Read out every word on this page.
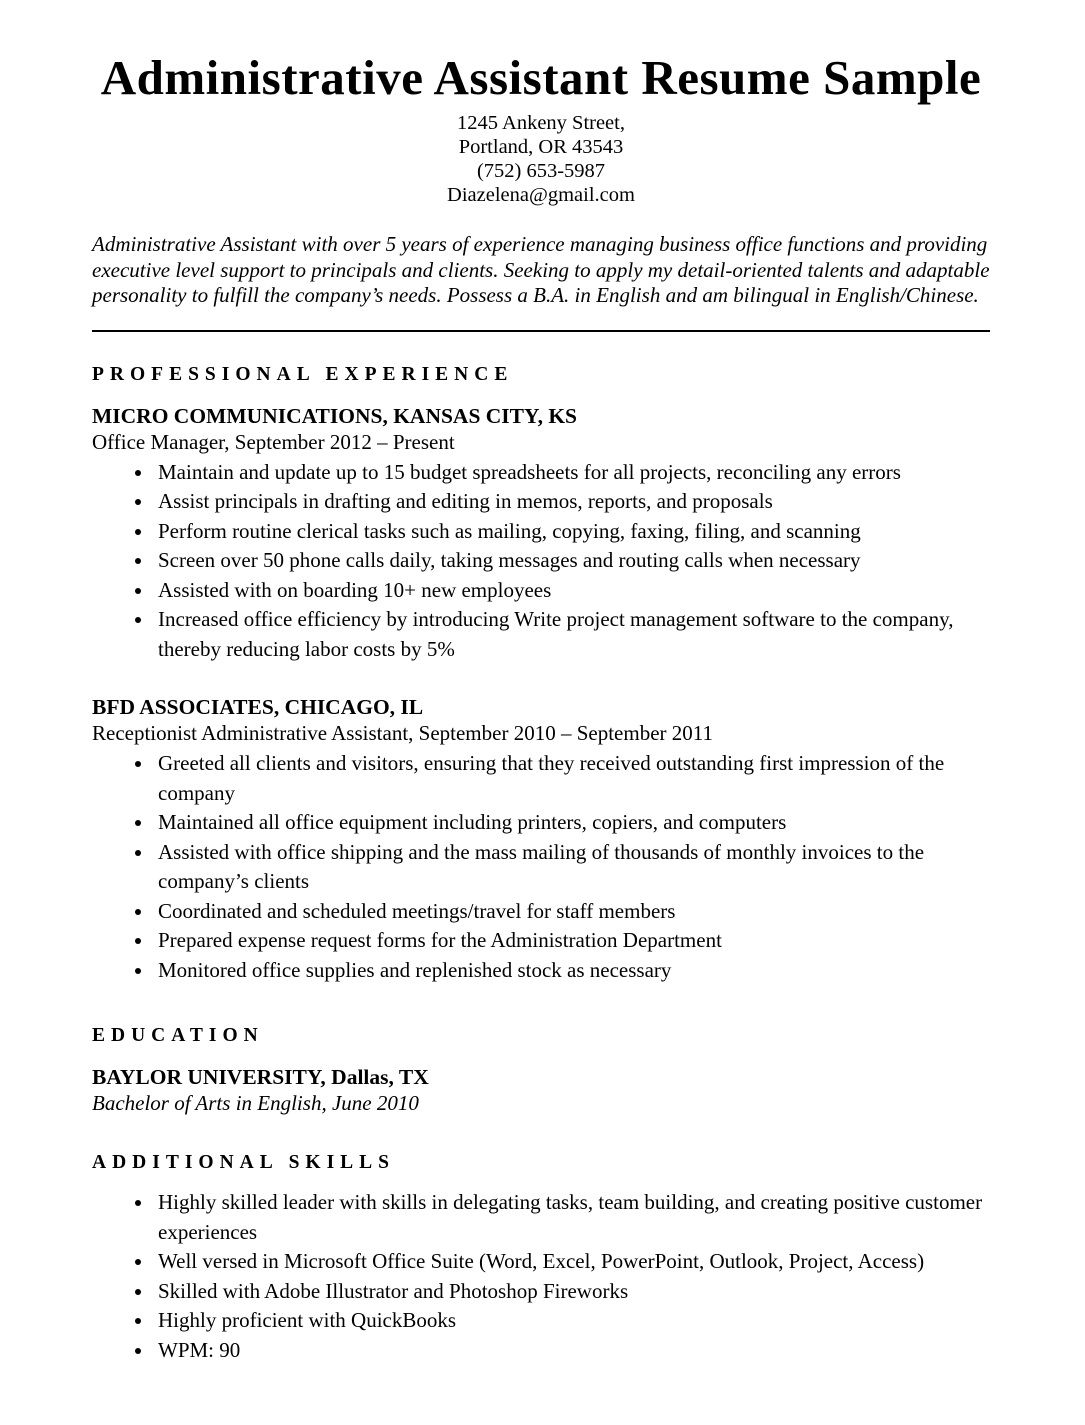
Administrative Assistant Resume Sample
1245 Ankeny Street,
Portland, OR 43543
(752) 653-5987
Diazelena@gmail.com

Administrative Assistant with over 5 years of experience managing business office functions and providing executive level support to principals and clients. Seeking to apply my detail-oriented talents and adaptable personality to fulfill the company’s needs. Possess a B.A. in English and am bilingual in English/Chinese.

PROFESSIONAL EXPERIENCE
MICRO COMMUNICATIONS, KANSAS CITY, KS
Office Manager, September 2012 – Present
• Maintain and update up to 15 budget spreadsheets for all projects, reconciling any errors
• Assist principals in drafting and editing in memos, reports, and proposals
• Perform routine clerical tasks such as mailing, copying, faxing, filing, and scanning
• Screen over 50 phone calls daily, taking messages and routing calls when necessary
• Assisted with on boarding 10+ new employees
• Increased office efficiency by introducing Write project management software to the company, thereby reducing labor costs by 5%
BFD ASSOCIATES, CHICAGO, IL
Receptionist Administrative Assistant, September 2010 – September 2011
• Greeted all clients and visitors, ensuring that they received outstanding first impression of the company
• Maintained all office equipment including printers, copiers, and computers
• Assisted with office shipping and the mass mailing of thousands of monthly invoices to the company’s clients
• Coordinated and scheduled meetings/travel for staff members
• Prepared expense request forms for the Administration Department
• Monitored office supplies and replenished stock as necessary
EDUCATION
BAYLOR UNIVERSITY, Dallas, TX
Bachelor of Arts in English, June 2010
ADDITIONAL SKILLS
• Highly skilled leader with skills in delegating tasks, team building, and creating positive customer experiences
• Well versed in Microsoft Office Suite (Word, Excel, PowerPoint, Outlook, Project, Access)
• Skilled with Adobe Illustrator and Photoshop Fireworks
• Highly proficient with QuickBooks
• WPM: 90
